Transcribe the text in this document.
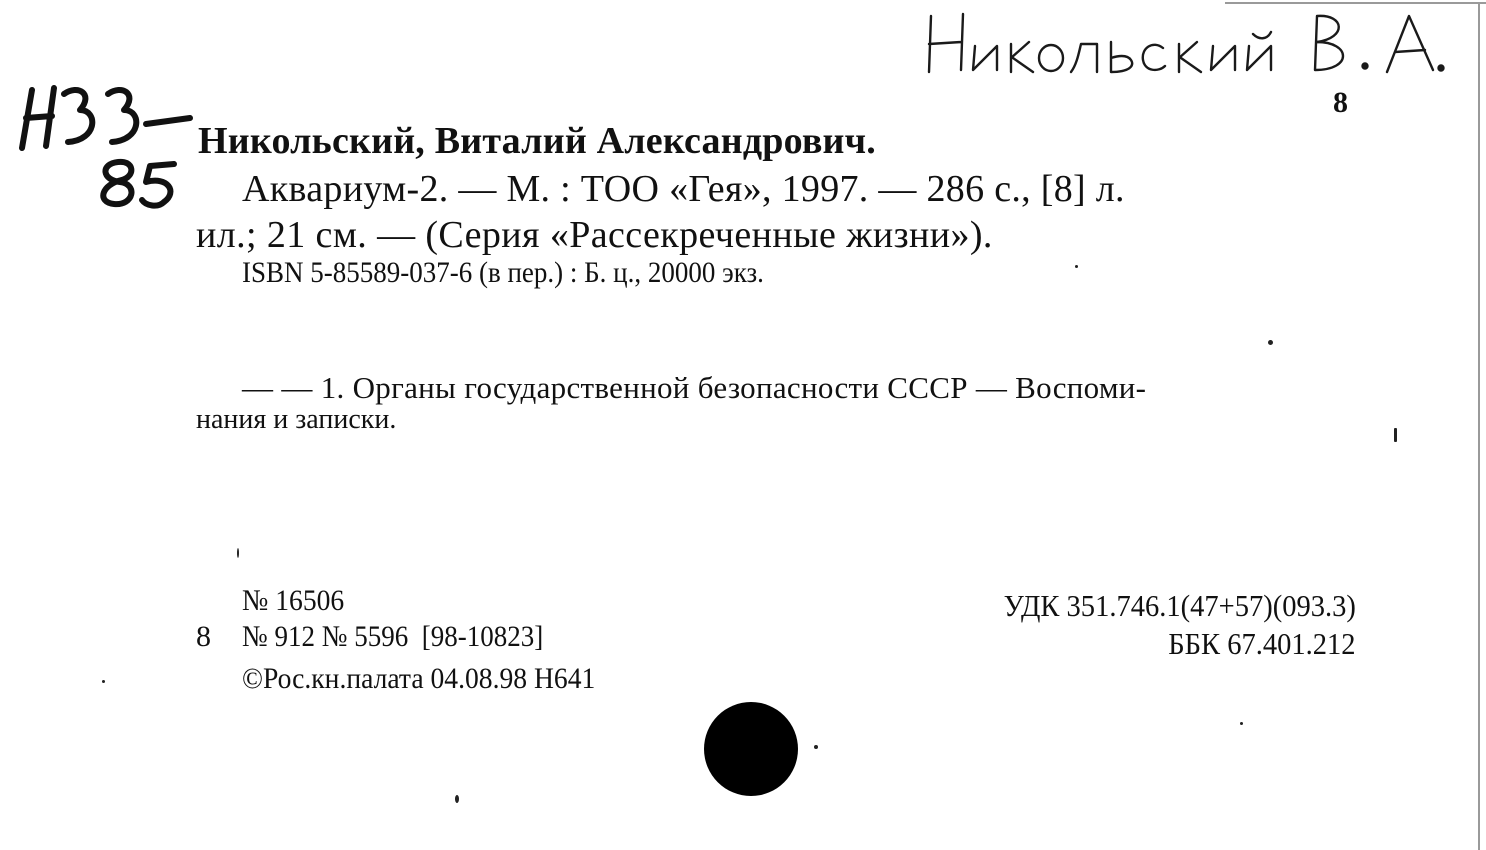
8
Никольский, Виталий Александрович.
Аквариум-2. — М. : ТОО «Гея», 1997. — 286 с., [8] л.
ил.; 21 см. — (Серия «Рассекреченные жизни»).
ISBN 5-85589-037-6 (в пер.) : Б. ц., 20000 экз.
— — 1. Органы государственной безопасности СССР — Воспоми-
нания и записки.
№ 16506
8 № 912 № 5596  [98-10823]
©Рос.кн.палата 04.08.98 Н641
УДК 351.746.1(47+57)(093.3)
ББК 67.401.212
